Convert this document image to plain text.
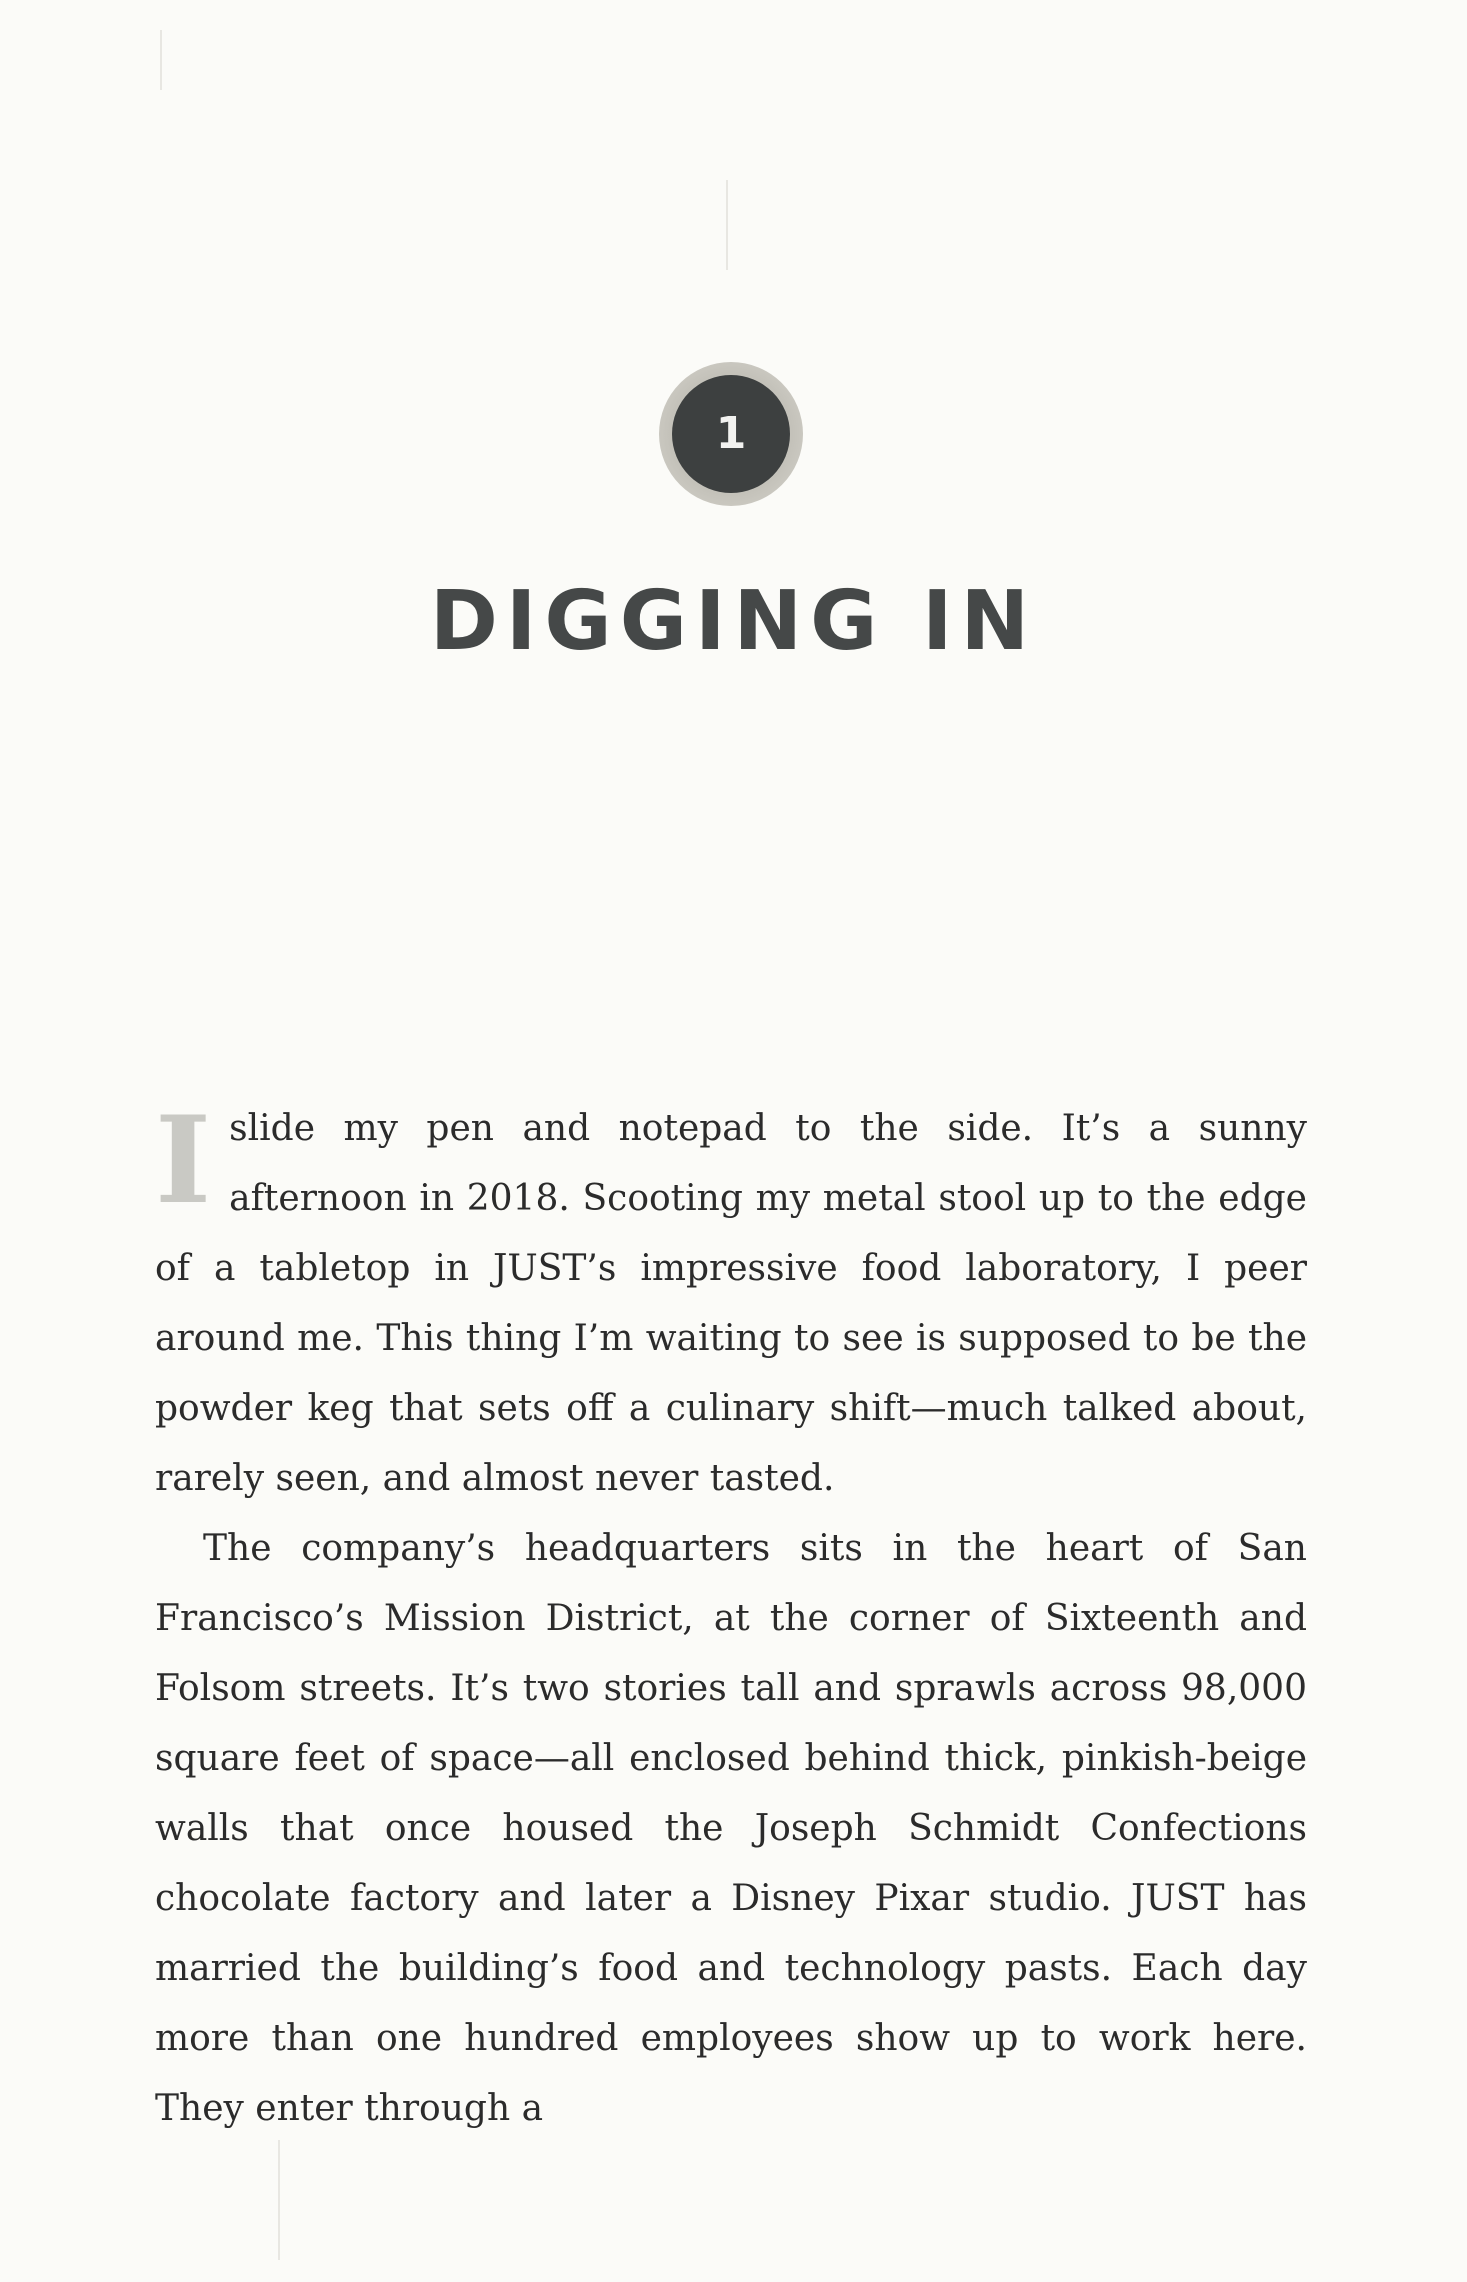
1
DIGGING IN

Islide my pen and notepad to the side. It’s a sunny afternoon in 2018. Scooting my metal stool up to the edge of a tabletop in JUST’s impressive food laboratory, I peer around me. This thing I’m waiting to see is supposed to be the powder keg that sets off a culinary shift—much talked about, rarely seen, and almost never tasted.

The company’s headquarters sits in the heart of San Francisco’s Mission District, at the corner of Sixteenth and Folsom streets. It’s two stories tall and sprawls across 98,000 square feet of space—all enclosed behind thick, pinkish-beige walls that once housed the Joseph Schmidt Confections chocolate factory and later a Disney Pixar studio. JUST has married the building’s food and technology pasts. Each day more than one hundred employees show up to work here. They enter through a
